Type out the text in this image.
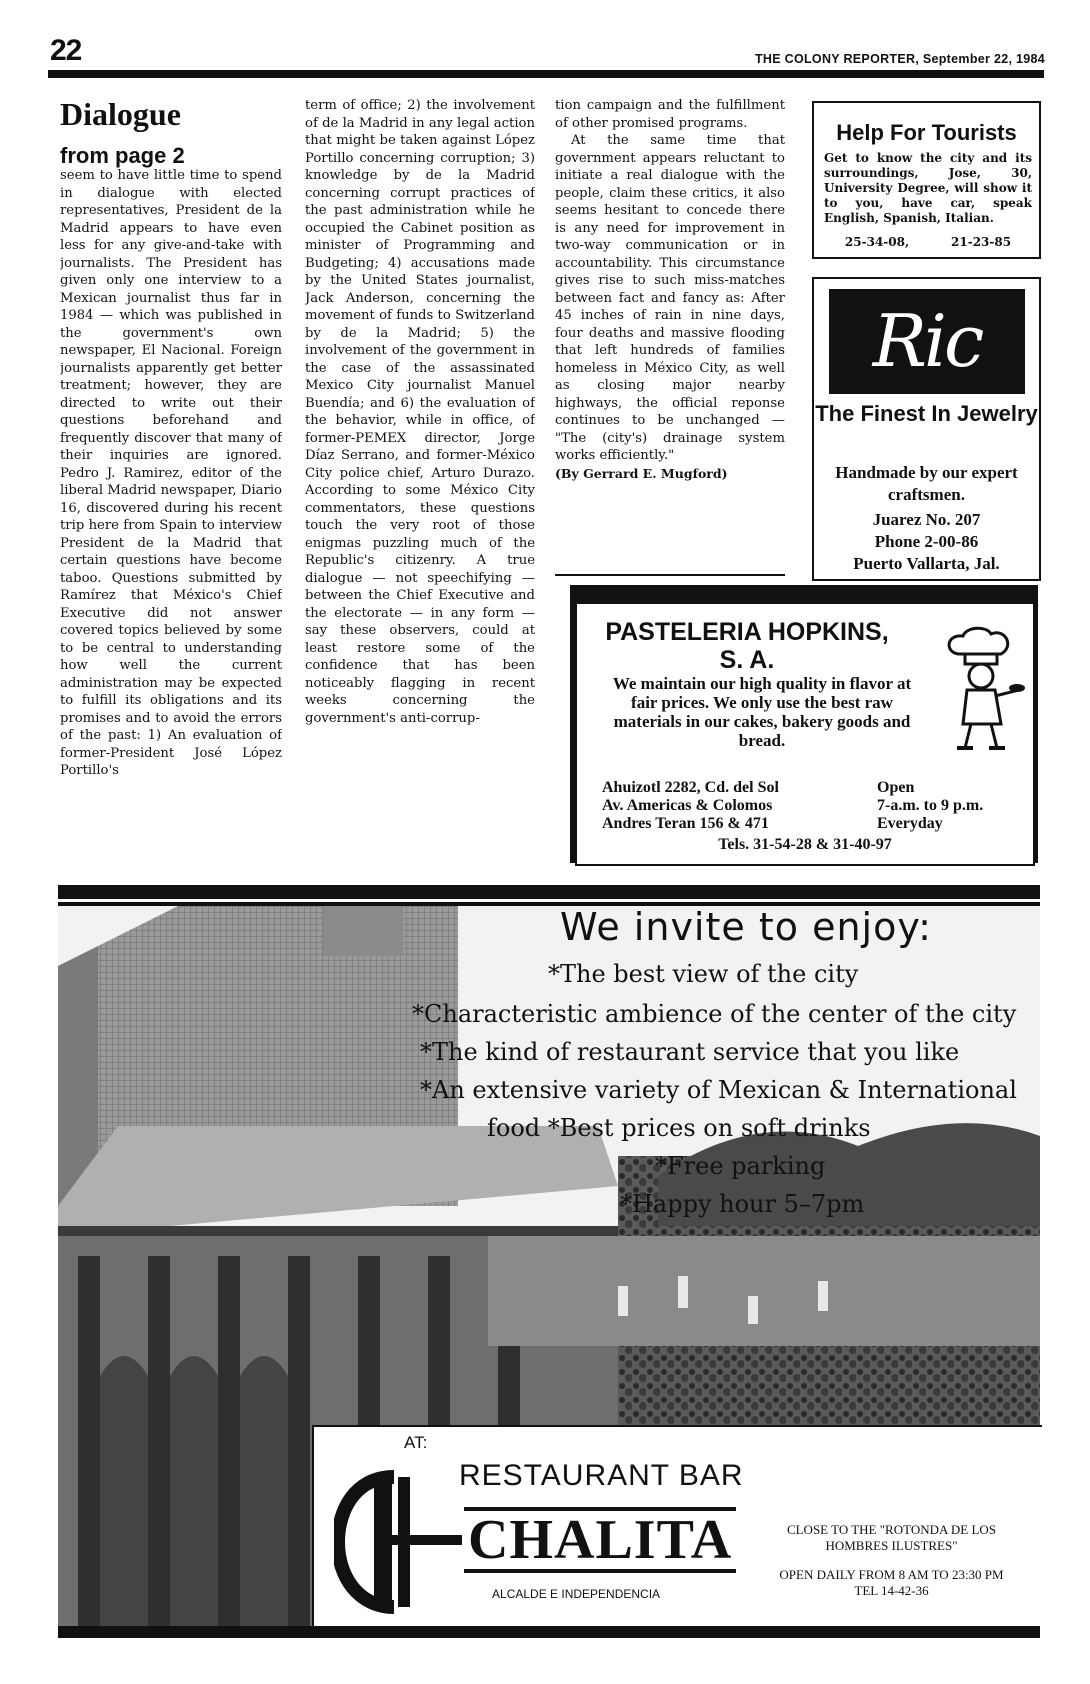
22	THE COLONY REPORTER, September 22, 1984
Dialogue
from page 2

seem to have little time to spend in dialogue with elected representatives, President de la Madrid appears to have even less for any give-and-take with journalists. The President has given only one interview to a Mexican journalist thus far in 1984 — which was published in the government's own newspaper, El Nacional. Foreign journalists apparently get better treatment; however, they are directed to write out their questions beforehand and frequently discover that many of their inquiries are ignored. Pedro J. Ramirez, editor of the liberal Madrid newspaper, Diario 16, discovered during his recent trip here from Spain to interview President de la Madrid that certain questions have become taboo. Questions submitted by Ramírez that México's Chief Executive did not answer covered topics believed by some to be central to understanding how well the current administration may be expected to fulfill its obligations and its promises and to avoid the errors of the past: 1) An evaluation of former-President José López Portillo's

term of office; 2) the involvement of de la Madrid in any legal action that might be taken against López Portillo concerning corruption; 3) knowledge by de la Madrid concerning corrupt practices of the past administration while he occupied the Cabinet position as minister of Programming and Budgeting; 4) accusations made by the United States journalist, Jack Anderson, concerning the movement of funds to Switzerland by de la Madrid; 5) the involvement of the government in the case of the assassinated Mexico City journalist Manuel Buendía; and 6) the evaluation of the behavior, while in office, of former-PEMEX director, Jorge Díaz Serrano, and former-México City police chief, Arturo Durazo. According to some México City commentators, these questions touch the very root of those enigmas puzzling much of the Republic's citizenry. A true dialogue — not speechifying — between the Chief Executive and the electorate — in any form — say these observers, could at least restore some of the confidence that has been noticeably flagging in recent weeks concerning the government's anti-corrup-

tion campaign and the fulfillment of other promised programs.

At the same time that government appears reluctant to initiate a real dialogue with the people, claim these critics, it also seems hesitant to concede there is any need for improvement in two-way communication or in accountability. This circumstance gives rise to such miss-matches between fact and fancy as: After 45 inches of rain in nine days, four deaths and massive flooding that left hundreds of families homeless in México City, as well as closing major nearby highways, the official reponse continues to be unchanged — "The (city's) drainage system works efficiently."

(By Gerrard E. Mugford)

Help For Tourists
Get to know the city and its surroundings, Jose, 30, University Degree, will show it to you, have car, speak English, Spanish, Italian.
25-34-08,	21-23-85
Ric
The Finest In Jewelry
Handmade by our expert craftsmen.
Juarez No. 207
Phone 2-00-86
Puerto Vallarta, Jal.
PASTELERIA HOPKINS, S. A.
We maintain our high quality in flavor at fair prices. We only use the best raw materials in our cakes, bakery goods and bread.
Ahuizotl 2282, Cd. del Sol
Av. Americas & Colomos
Andres Teran 156 & 471
Open
7-a.m. to 9 p.m.
Everyday
Tels. 31-54-28 & 31-40-97
We invite to enjoy:
*The best view of the city
*Characteristic ambience of the center of the city
*The kind of restaurant service that you like
*An extensive variety of Mexican & International
food *Best prices on soft drinks
*Free parking
*Happy hour 5–7pm
AT:
RESTAURANT BAR
CHALITA
ALCALDE E INDEPENDENCIA
CLOSE TO THE "ROTONDA DE LOS HOMBRES ILUSTRES"
OPEN DAILY FROM 8 AM TO 23:30 PM
TEL 14-42-36
